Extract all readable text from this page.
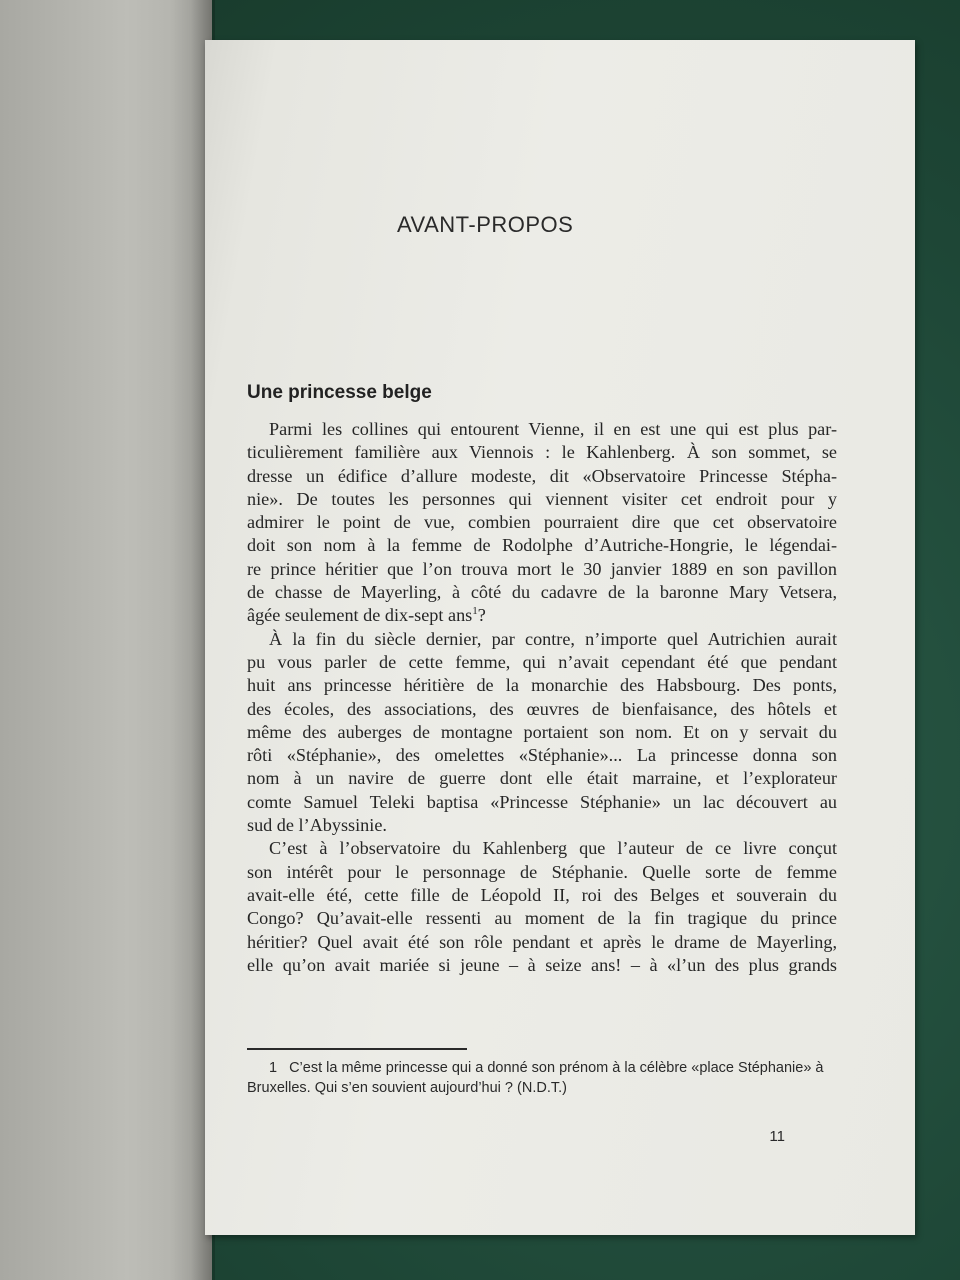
AVANT-PROPOS
Une princesse belge

Parmi les collines qui entourent Vienne, il en est une qui est plus par-
ticulièrement familière aux Viennois : le Kahlenberg. À son sommet, se
dresse un édifice d’allure modeste, dit «Observatoire Princesse Stépha-
nie». De toutes les personnes qui viennent visiter cet endroit pour y
admirer le point de vue, combien pourraient dire que cet observatoire
doit son nom à la femme de Rodolphe d’Autriche-Hongrie, le légendai-
re prince héritier que l’on trouva mort le 30 janvier 1889 en son pavillon
de chasse de Mayerling, à côté du cadavre de la baronne Mary Vetsera,
âgée seulement de dix-sept ans$^1$?

À la fin du siècle dernier, par contre, n’importe quel Autrichien aurait
pu vous parler de cette femme, qui n’avait cependant été que pendant
huit ans princesse héritière de la monarchie des Habsbourg. Des ponts,
des écoles, des associations, des œuvres de bienfaisance, des hôtels et
même des auberges de montagne portaient son nom. Et on y servait du
rôti «Stéphanie», des omelettes «Stéphanie»... La princesse donna son
nom à un navire de guerre dont elle était marraine, et l’explorateur
comte Samuel Teleki baptisa «Princesse Stéphanie» un lac découvert au
sud de l’Abyssinie.

C’est à l’observatoire du Kahlenberg que l’auteur de ce livre conçut
son intérêt pour le personnage de Stéphanie. Quelle sorte de femme
avait-elle été, cette fille de Léopold II, roi des Belges et souverain du
Congo? Qu’avait-elle ressenti au moment de la fin tragique du prince
héritier? Quel avait été son rôle pendant et après le drame de Mayerling,
elle qu’on avait mariée si jeune – à seize ans! – à «l’un des plus grands

1 C’est la même princesse qui a donné son prénom à la célèbre «place Stéphanie» à
Bruxelles. Qui s’en souvient aujourd’hui ? (N.D.T.)
11
